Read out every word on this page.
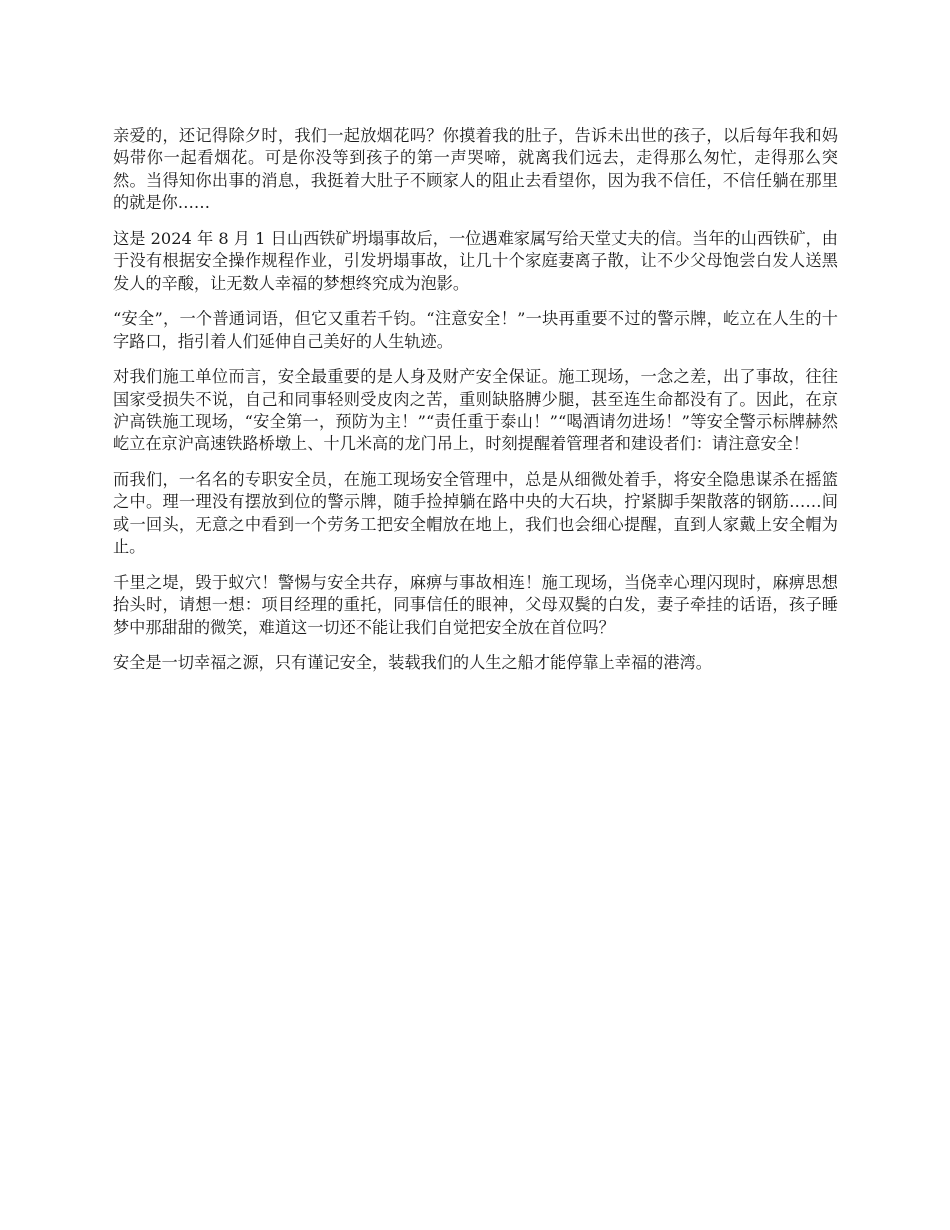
亲爱的，还记得除夕时，我们一起放烟花吗？你摸着我的肚子，告诉未出世的孩子，以后每年我和妈妈带你一起看烟花。可是你没等到孩子的第一声哭啼，就离我们远去，走得那么匆忙，走得那么突然。当得知你出事的消息，我挺着大肚子不顾家人的阻止去看望你，因为我不信任，不信任躺在那里的就是你……

这是 2024 年 8 月 1 日山西铁矿坍塌事故后，一位遇难家属写给天堂丈夫的信。当年的山西铁矿，由于没有根据安全操作规程作业，引发坍塌事故，让几十个家庭妻离子散，让不少父母饱尝白发人送黑发人的辛酸，让无数人幸福的梦想终究成为泡影。

“安全”，一个普通词语，但它又重若千钧。“注意安全！”一块再重要不过的警示牌，屹立在人生的十字路口，指引着人们延伸自己美好的人生轨迹。

对我们施工单位而言，安全最重要的是人身及财产安全保证。施工现场，一念之差，出了事故，往往国家受损失不说，自己和同事轻则受皮肉之苦，重则缺胳膊少腿，甚至连生命都没有了。因此，在京沪高铁施工现场，“安全第一，预防为主！”“责任重于泰山！”“喝酒请勿进场！”等安全警示标牌赫然屹立在京沪高速铁路桥墩上、十几米高的龙门吊上，时刻提醒着管理者和建设者们：请注意安全！

而我们，一名名的专职安全员，在施工现场安全管理中，总是从细微处着手，将安全隐患谋杀在摇篮之中。理一理没有摆放到位的警示牌，随手捡掉躺在路中央的大石块，拧紧脚手架散落的钢筋……间或一回头，无意之中看到一个劳务工把安全帽放在地上，我们也会细心提醒，直到人家戴上安全帽为止。

千里之堤，毁于蚁穴！警惕与安全共存，麻痹与事故相连！施工现场，当侥幸心理闪现时，麻痹思想抬头时，请想一想：项目经理的重托，同事信任的眼神，父母双鬓的白发，妻子牵挂的话语，孩子睡梦中那甜甜的微笑，难道这一切还不能让我们自觉把安全放在首位吗？

安全是一切幸福之源，只有谨记安全，装载我们的人生之船才能停靠上幸福的港湾。
